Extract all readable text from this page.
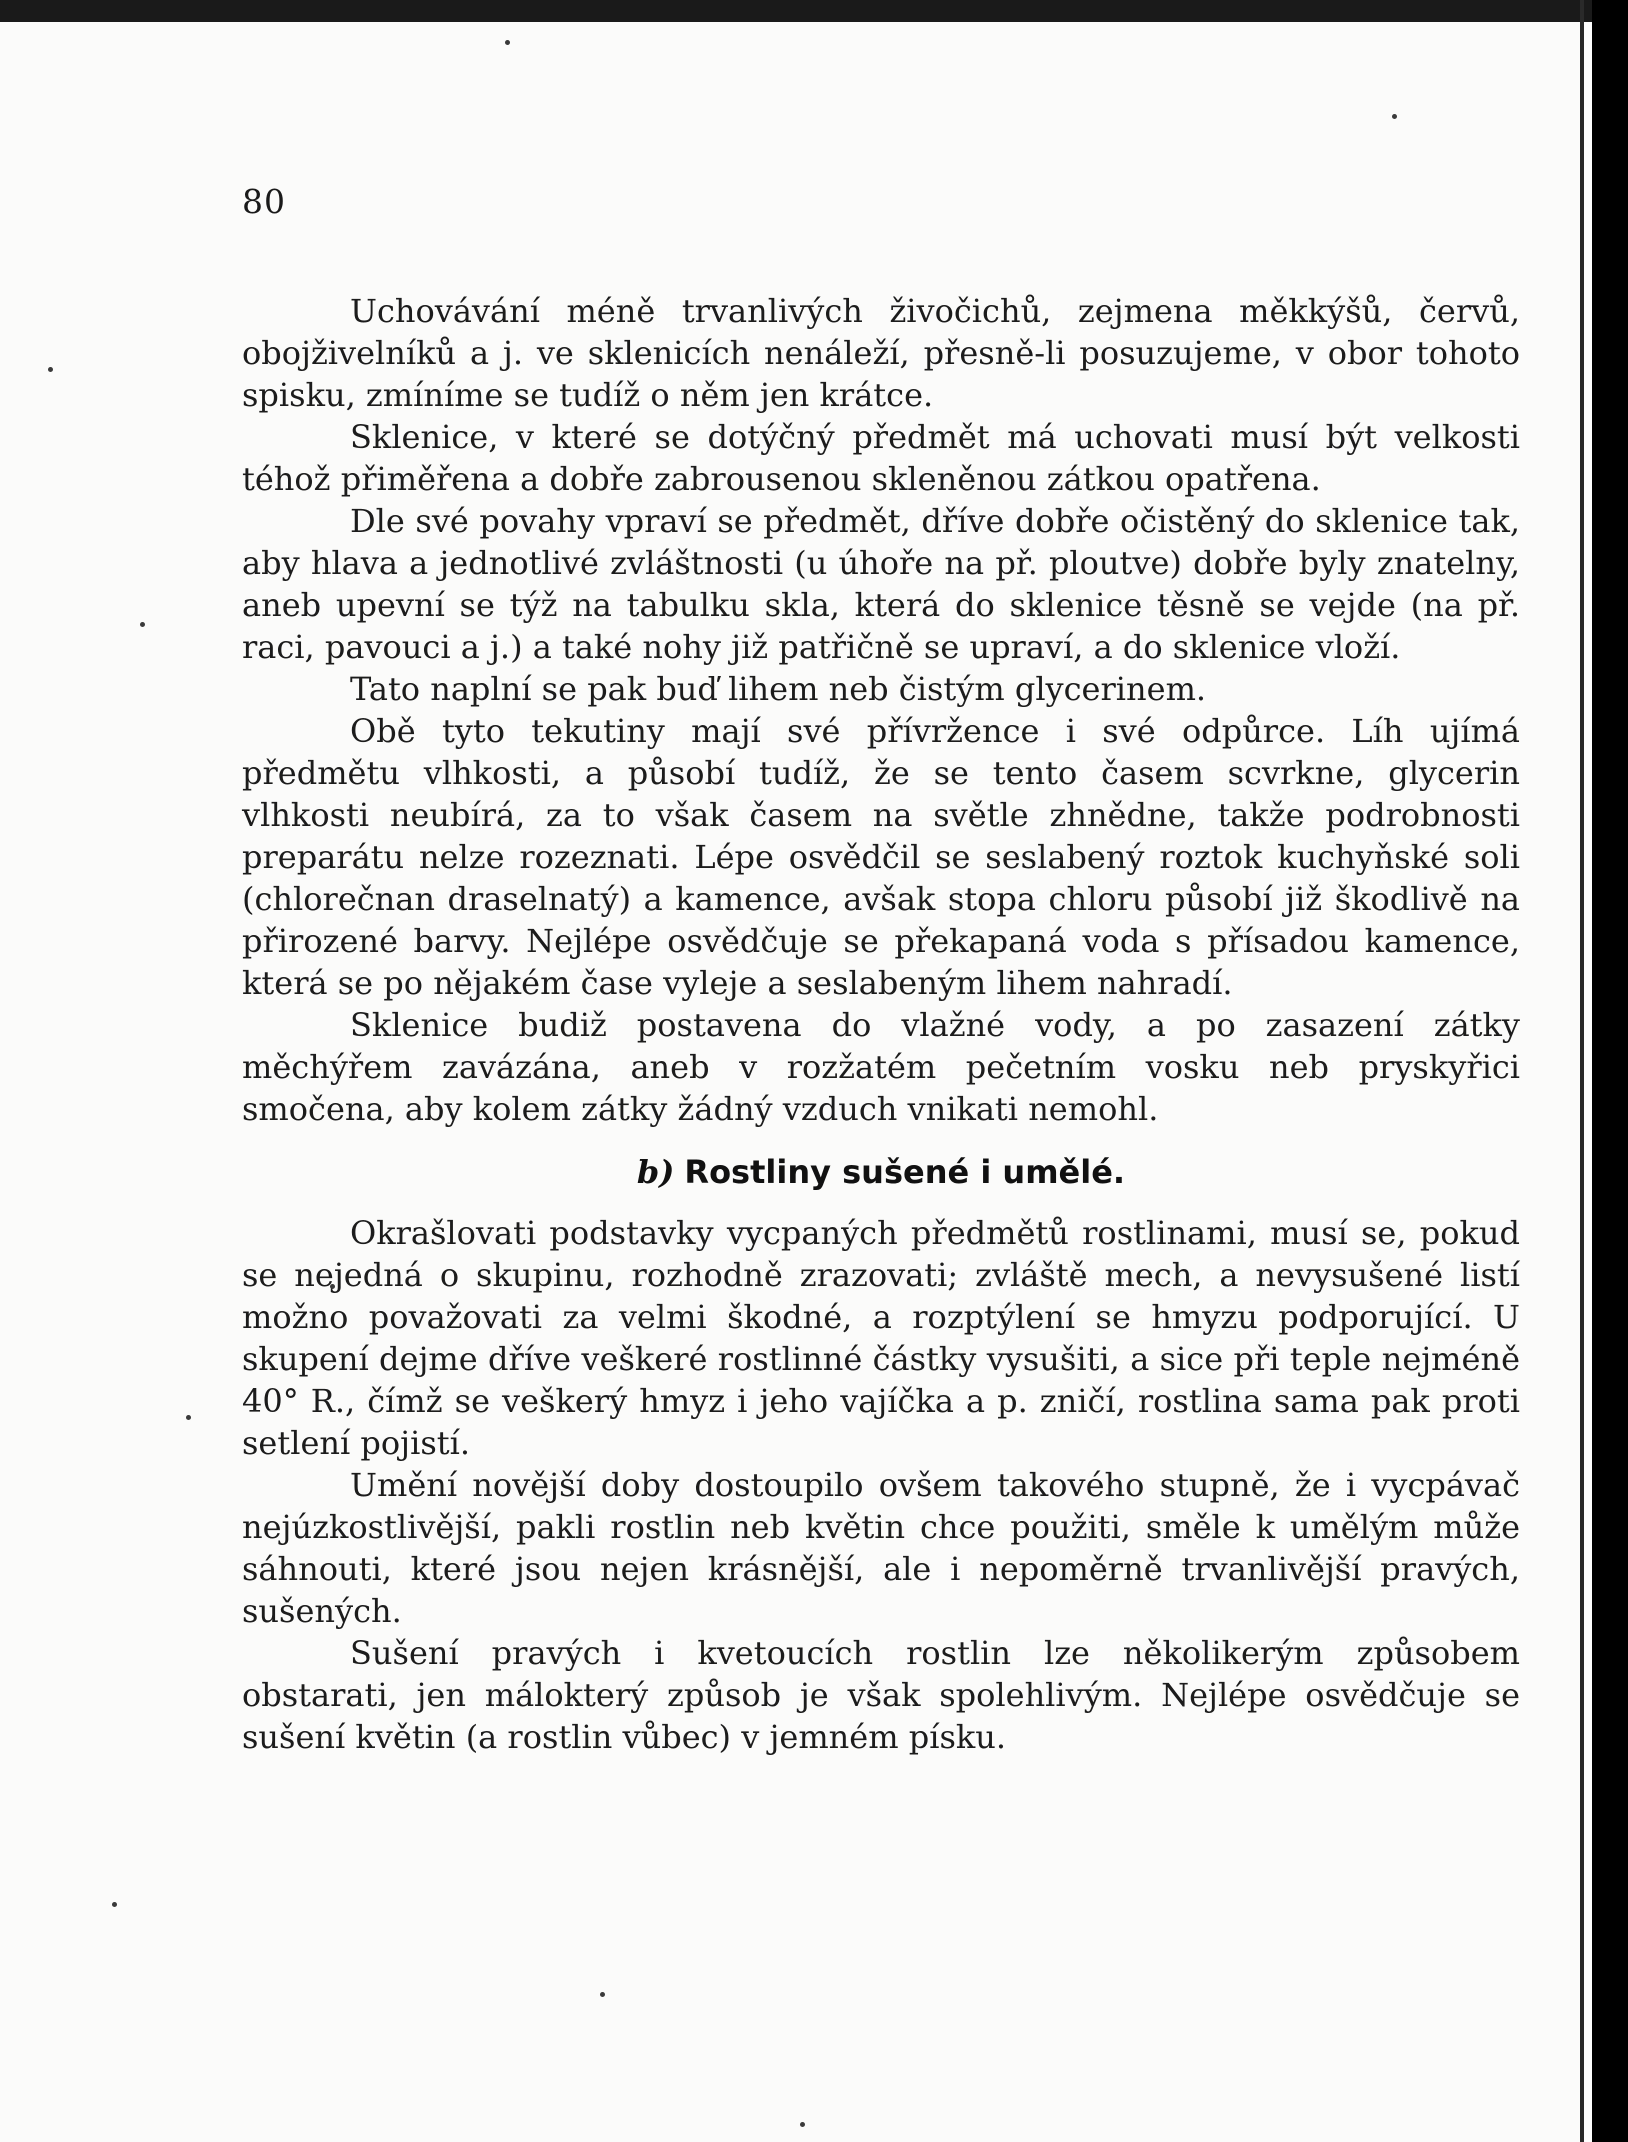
80

Uchovávání méně trvanlivých živočichů, zejmena měkkýšů, červů, obojživelníků a j. ve sklenicích nenáleží, přesně-li posuzujeme, v obor tohoto spisku, zmíníme se tudíž o něm jen krátce.

Sklenice, v které se dotýčný předmět má uchovati musí být velkosti téhož přiměřena a dobře zabrousenou skleněnou zátkou opatřena.

Dle své povahy vpraví se předmět, dříve dobře očistěný do sklenice tak, aby hlava a jednotlivé zvláštnosti (u úhoře na př. ploutve) dobře byly znatelny, aneb upevní se týž na tabulku skla, která do sklenice těsně se vejde (na př. raci, pavouci a j.) a také nohy již patřičně se upraví, a do sklenice vloží.

Tato naplní se pak buď lihem neb čistým glycerinem.

Obě tyto tekutiny mají své přívržence i své odpůrce. Líh ujímá předmětu vlhkosti, a působí tudíž, že se tento časem scvrkne, glycerin vlhkosti neubírá, za to však časem na světle zhnědne, takže podrobnosti preparátu nelze rozeznati. Lépe osvědčil se seslabený roztok kuchyňské soli (chlorečnan draselnatý) a kamence, avšak stopa chloru působí již škodlivě na přirozené barvy. Nejlépe osvědčuje se překapaná voda s přísadou kamence, která se po nějakém čase vyleje a seslabeným lihem nahradí.

Sklenice budiž postavena do vlažné vody, a po zasazení zátky měchýřem zavázána, aneb v rozžatém pečetním vosku neb pryskyřici smočena, aby kolem zátky žádný vzduch vnikati nemohl.

b) Rostliny sušené i umělé.

Okrašlovati podstavky vycpaných předmětů rostlinami, musí se, pokud se nejedná o skupinu, rozhodně zrazovati; zvláště mech, a nevysušené listí možno považovati za velmi škodné, a rozptýlení se hmyzu podporující. U skupení dejme dříve veškeré rostlinné částky vysušiti, a sice při teple nejméně 40° R., čímž se veškerý hmyz i jeho vajíčka a p. zničí, rostlina sama pak proti setlení pojistí.

Umění novější doby dostoupilo ovšem takového stupně, že i vycpávač nejúzkostlivější, pakli rostlin neb květin chce použiti, směle k umělým může sáhnouti, které jsou nejen krásnější, ale i nepoměrně trvanlivější pravých, sušených.

Sušení pravých i kvetoucích rostlin lze několikerým způsobem obstarati, jen málokterý způsob je však spolehlivým. Nejlépe osvědčuje se sušení květin (a rostlin vůbec) v jemném písku.
